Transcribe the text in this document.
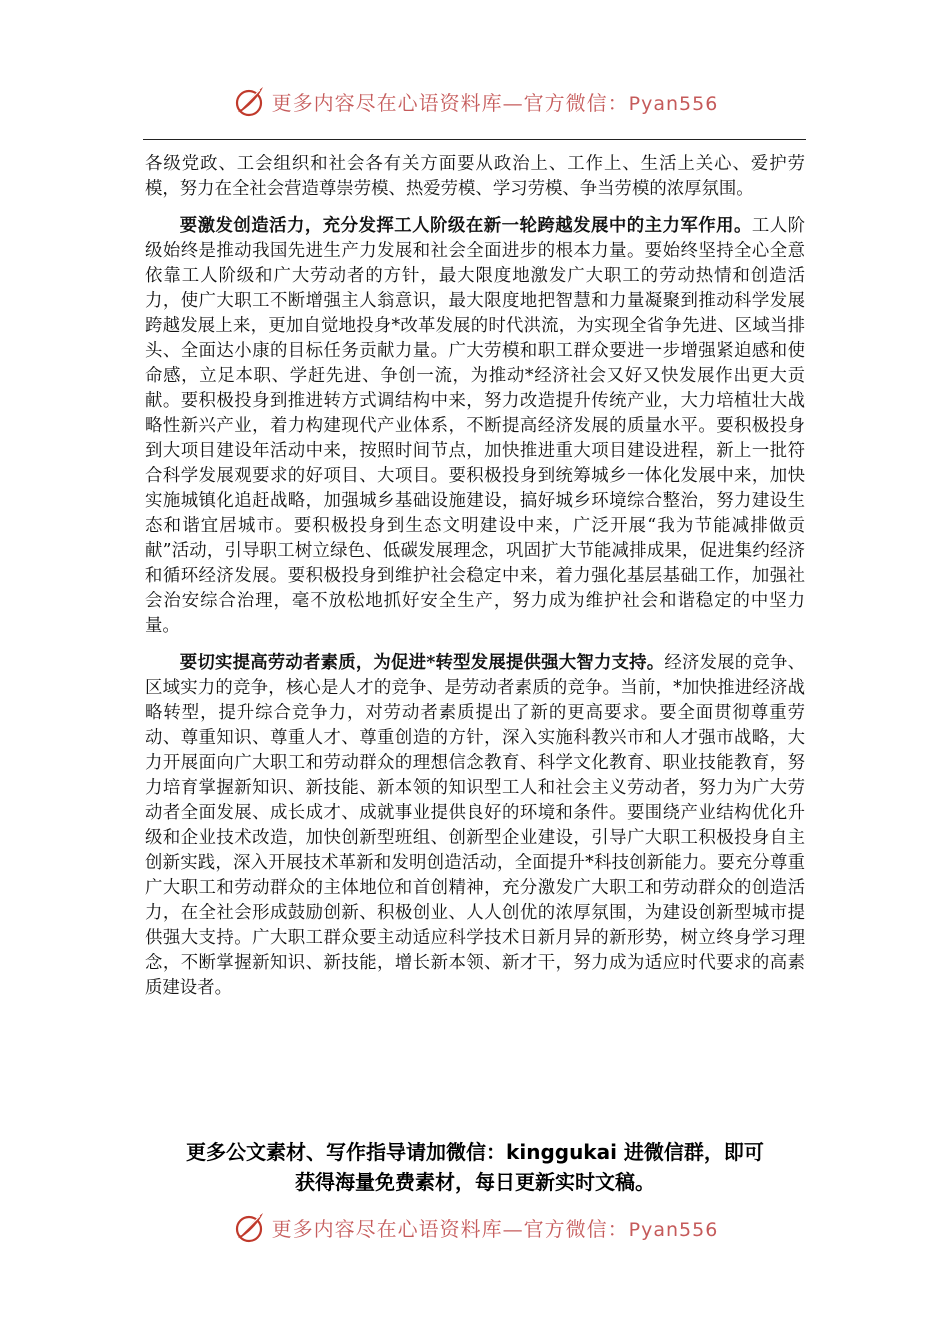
更多内容尽在心语资料库—官方微信：Pyan556

各级党政、工会组织和社会各有关方面要从政治上、工作上、生活上关心、爱护劳模，努力在全社会营造尊崇劳模、热爱劳模、学习劳模、争当劳模的浓厚氛围。

要激发创造活力，充分发挥工人阶级在新一轮跨越发展中的主力军作用。工人阶级始终是推动我国先进生产力发展和社会全面进步的根本力量。要始终坚持全心全意依靠工人阶级和广大劳动者的方针，最大限度地激发广大职工的劳动热情和创造活力，使广大职工不断增强主人翁意识，最大限度地把智慧和力量凝聚到推动科学发展跨越发展上来，更加自觉地投身*改革发展的时代洪流，为实现全省争先进、区域当排头、全面达小康的目标任务贡献力量。广大劳模和职工群众要进一步增强紧迫感和使命感，立足本职、学赶先进、争创一流，为推动*经济社会又好又快发展作出更大贡献。要积极投身到推进转方式调结构中来，努力改造提升传统产业，大力培植壮大战略性新兴产业，着力构建现代产业体系，不断提高经济发展的质量水平。要积极投身到大项目建设年活动中来，按照时间节点，加快推进重大项目建设进程，新上一批符合科学发展观要求的好项目、大项目。要积极投身到统筹城乡一体化发展中来，加快实施城镇化追赶战略，加强城乡基础设施建设，搞好城乡环境综合整治，努力建设生态和谐宜居城市。要积极投身到生态文明建设中来，广泛开展“我为节能减排做贡献”活动，引导职工树立绿色、低碳发展理念，巩固扩大节能减排成果，促进集约经济和循环经济发展。要积极投身到维护社会稳定中来，着力强化基层基础工作，加强社会治安综合治理，毫不放松地抓好安全生产，努力成为维护社会和谐稳定的中坚力量。

要切实提高劳动者素质，为促进*转型发展提供强大智力支持。经济发展的竞争、区域实力的竞争，核心是人才的竞争、是劳动者素质的竞争。当前，*加快推进经济战略转型，提升综合竞争力，对劳动者素质提出了新的更高要求。要全面贯彻尊重劳动、尊重知识、尊重人才、尊重创造的方针，深入实施科教兴市和人才强市战略，大力开展面向广大职工和劳动群众的理想信念教育、科学文化教育、职业技能教育，努力培育掌握新知识、新技能、新本领的知识型工人和社会主义劳动者，努力为广大劳动者全面发展、成长成才、成就事业提供良好的环境和条件。要围绕产业结构优化升级和企业技术改造，加快创新型班组、创新型企业建设，引导广大职工积极投身自主创新实践，深入开展技术革新和发明创造活动，全面提升*科技创新能力。要充分尊重广大职工和劳动群众的主体地位和首创精神，充分激发广大职工和劳动群众的创造活力，在全社会形成鼓励创新、积极创业、人人创优的浓厚氛围，为建设创新型城市提供强大支持。广大职工群众要主动适应科学技术日新月异的新形势，树立终身学习理念，不断掌握新知识、新技能，增长新本领、新才干，努力成为适应时代要求的高素质建设者。

更多公文素材、写作指导请加微信：kinggukai 进微信群，即可
获得海量免费素材，每日更新实时文稿。
更多内容尽在心语资料库—官方微信：Pyan556
